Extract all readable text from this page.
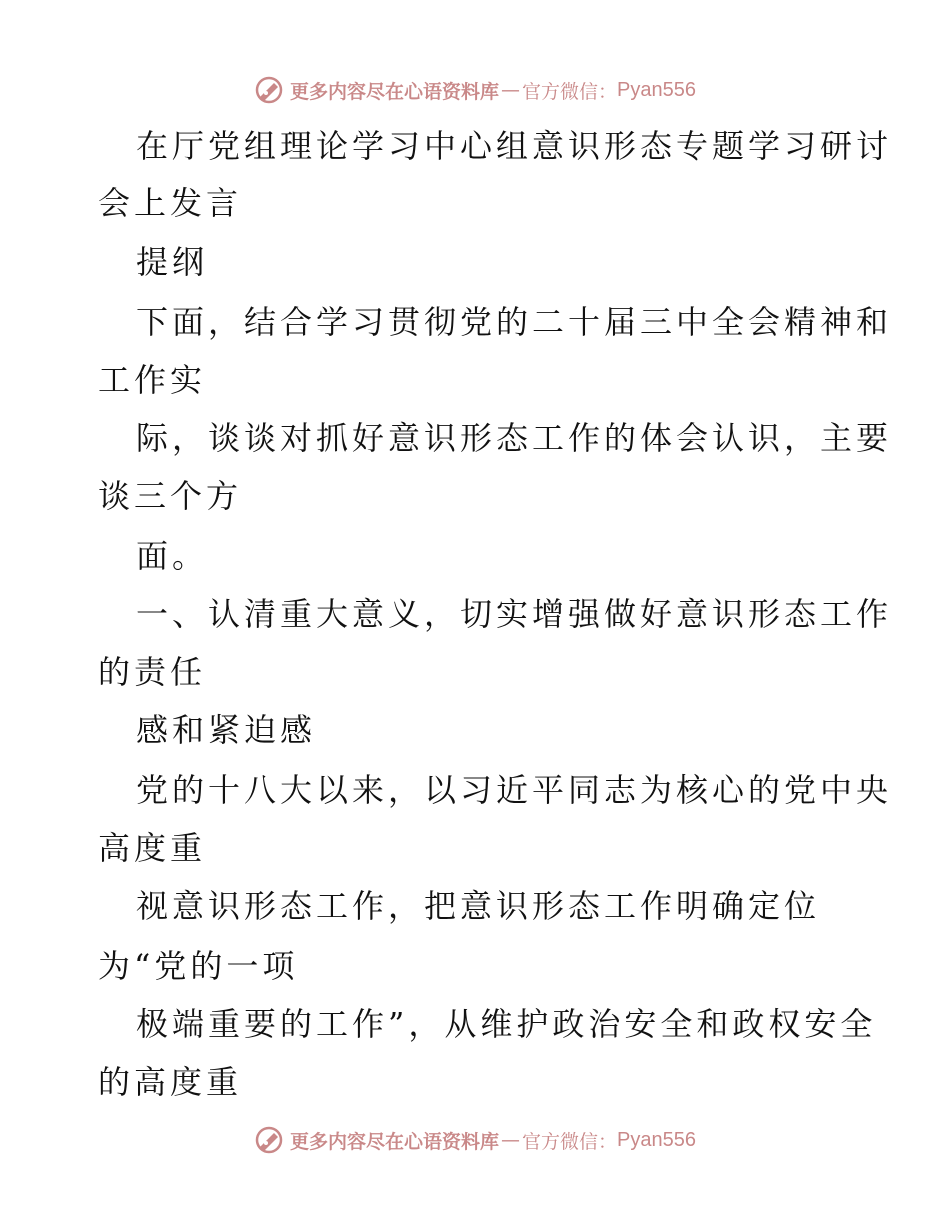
更多内容尽在心语资料库 — 官方微信： Pyan556
在厅党组理论学习中心组意识形态专题学习研讨
会上发言
提纲
下面，结合学习贯彻党的二十届三中全会精神和
工作实
际，谈谈对抓好意识形态工作的体会认识，主要
谈三个方
面。
一、认清重大意义，切实增强做好意识形态工作
的责任
感和紧迫感
党的十八大以来，以习近平同志为核心的党中央
高度重
视意识形态工作，把意识形态工作明确定位
为“党的一项
极端重要的工作”，从维护政治安全和政权安全
的高度重
更多内容尽在心语资料库 — 官方微信： Pyan556
